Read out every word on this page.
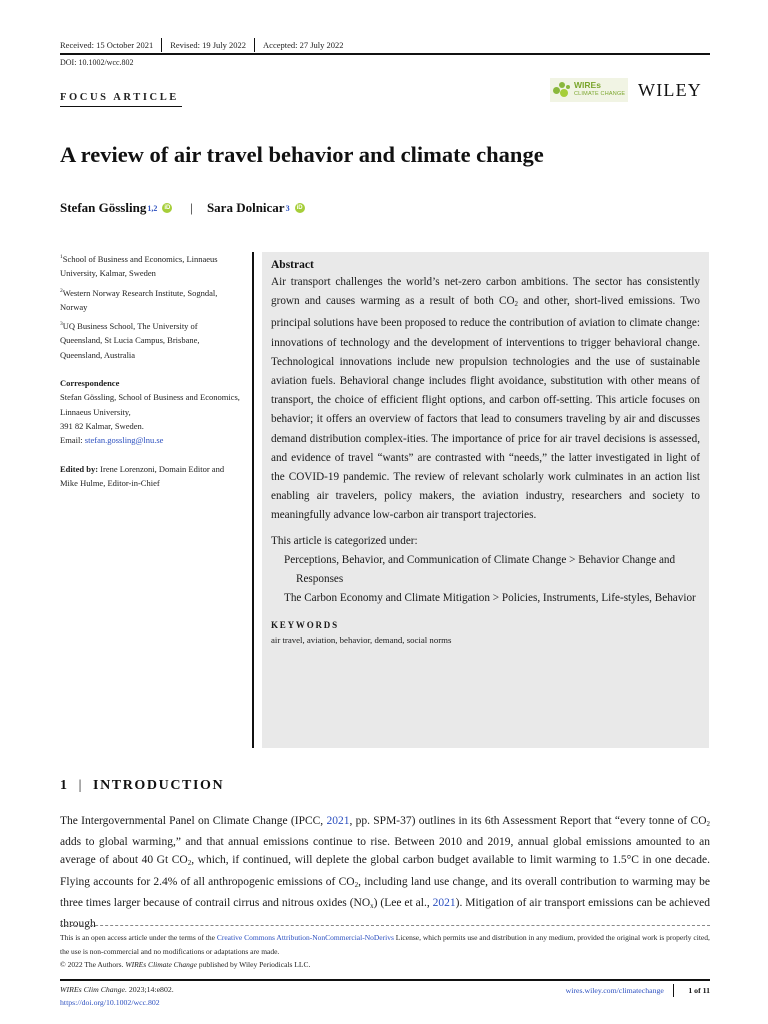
Received: 15 October 2021	Revised: 19 July 2022	Accepted: 27 July 2022
DOI: 10.1002/wcc.802
FOCUS ARTICLE
WIREs
CLIMATE CHANGE WILEY
A review of air travel behavior and climate change
Stefan Gössling 1,2	iD | Sara Dolnicar 3	iD
$^1$School of Business and Economics, Linnaeus University, Kalmar, Sweden
$^2$Western Norway Research Institute, Sogndal, Norway
$^3$UQ Business School, The University of Queensland, St Lucia Campus, Brisbane, Queensland, Australia
Correspondence
Stefan Gössling, School of Business and Economics, Linnaeus University,
391 82 Kalmar, Sweden.
Email: stefan.gossling@lnu.se
Edited by: Irene Lorenzoni, Domain Editor and Mike Hulme, Editor-in-Chief
Abstract
Air transport challenges the world’s net-zero carbon ambitions. The sector has consistently grown and causes warming as a result of both $CO_2$ and other, short-lived emissions. Two principal solutions have been proposed to reduce the contribution of aviation to climate change: innovations of technology and the development of interventions to trigger behavioral change. Technological innovations include new propulsion technologies and the use of sustainable aviation fuels. Behavioral change includes flight avoidance, substitution with other means of transport, the choice of efficient flight options, and carbon off-setting. This article focuses on behavior; it offers an overview of factors that lead to consumers traveling by air and discusses demand distribution complex-ities. The importance of price for air travel decisions is assessed, and evidence of travel “wants” are contrasted with “needs,” the latter investigated in light of the COVID-19 pandemic. The review of relevant scholarly work culminates in an action list enabling air travelers, policy makers, the aviation industry, researchers and society to meaningfully advance low-carbon air transport trajectories.
This article is categorized under:
Perceptions, Behavior, and Communication of Climate Change > Behavior Change and Responses
The Carbon Economy and Climate Mitigation > Policies, Instruments, Life-styles, Behavior
KEYWORDS
air travel, aviation, behavior, demand, social norms
1 | INTRODUCTION

The Intergovernmental Panel on Climate Change (IPCC, 2021, pp. SPM-37) outlines in its 6th Assessment Report that “every tonne of $CO_2$ adds to global warming,” and that annual emissions continue to rise. Between 2010 and 2019, annual global emissions amounted to an average of about 40 Gt $CO_2$, which, if continued, will deplete the global carbon budget available to limit warming to 1.5°C in one decade. Flying accounts for 2.4% of all anthropogenic emissions of $CO_2$, including land use change, and its overall contribution to warming may be three times larger because of contrail cirrus and nitrous oxides $(NO_x)$ (Lee et al., 2021). Mitigation of air transport emissions can be achieved through

This is an open access article under the terms of the Creative Commons Attribution-NonCommercial-NoDerivs License, which permits use and distribution in any medium, provided the original work is properly cited, the use is non-commercial and no modifications or adaptations are made.
© 2022 The Authors. WIREs Climate Change published by Wiley Periodicals LLC.
WIREs Clim Change. 2023;14:e802.
https://doi.org/10.1002/wcc.802
wires.wiley.com/climatechange	1 of 11
